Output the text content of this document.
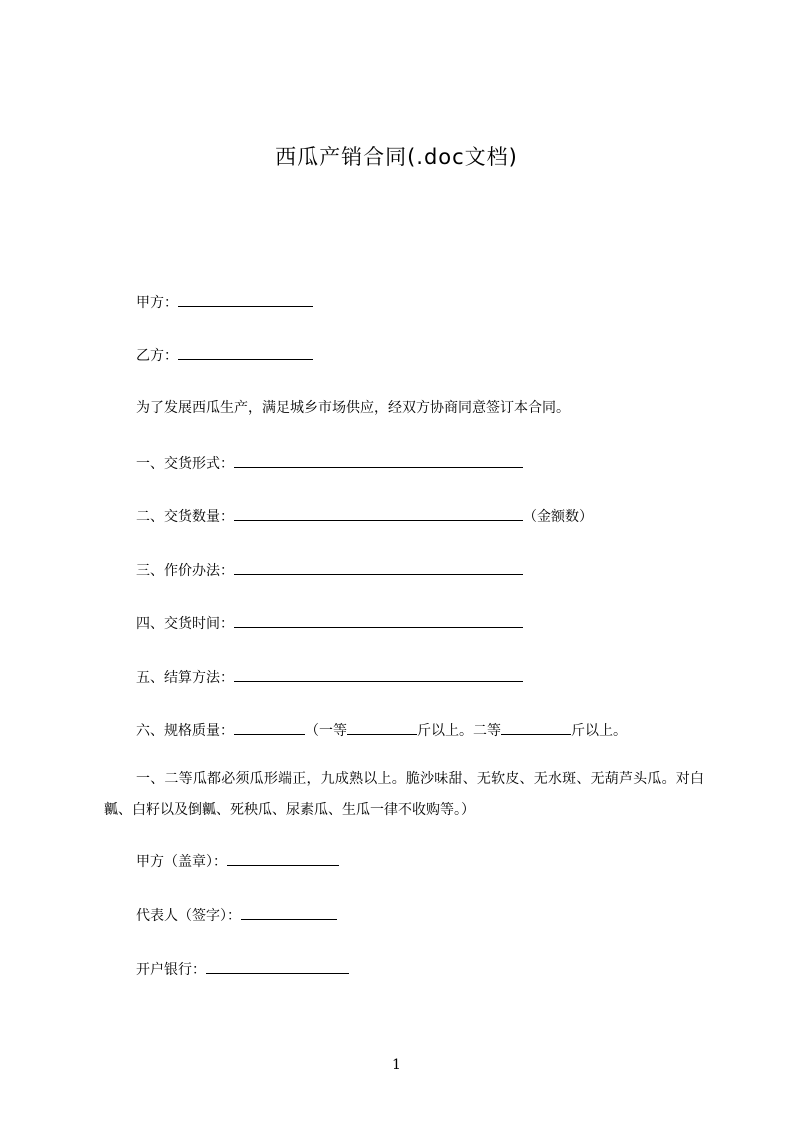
西瓜产销合同(.doc文档)
甲方：
乙方：
为了发展西瓜生产，满足城乡市场供应，经双方协商同意签订本合同。
一、交货形式：
二、交货数量：	（金额数）
三、作价办法：
四、交货时间：
五、结算方法：
六、规格质量：	（一等	斤以上。二等	斤以上。
一、二等瓜都必须瓜形端正，九成熟以上。脆沙味甜、无软皮、无水斑、无葫芦头瓜。对白瓤、白籽以及倒瓤、死秧瓜、尿素瓜、生瓜一律不收购等。）
甲方（盖章）：
代表人（签字）：
开户银行：
1
